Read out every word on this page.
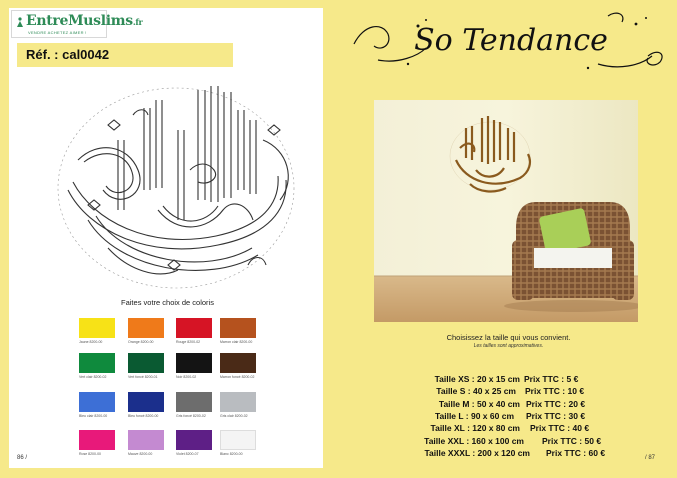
EntreMuslims.fr
VENDRE ACHETEZ AIMER !
Réf. : cal0042
Faites votre choix de coloris
Jaune 8200-00	Orange 8200-00	Rouge 8200-02	Marron clair 8200-00
Vert clair 8200-02	Vert foncé 8200-01	Noir 8200-02	Marron foncé 8200-02
Bleu clair 8200-00	Bleu foncé 8200-00	Gris foncé 8200-02	Gris clair 8200-02
Rose 8200-00	Mauve 8200-00	Violet 8200-07	Blanc 8200-00
86 /
So Tendance
Choisissez la taille qui vous convient.
Les tailles sont approximatives.
Taille XS : 20 x 15 cm Prix TTC : 5 €
Taille S : 40 x 25 cm Prix TTC : 10 €
Taille M : 50 x 40 cm Prix TTC : 20 €
Taille L : 90 x 60 cm Prix TTC : 30 €
Taille XL : 120 x 80 cm Prix TTC : 40 €
Taille XXL : 160 x 100 cm Prix TTC : 50 €
Taille XXXL : 200 x 120 cm Prix TTC : 60 €
/ 87
